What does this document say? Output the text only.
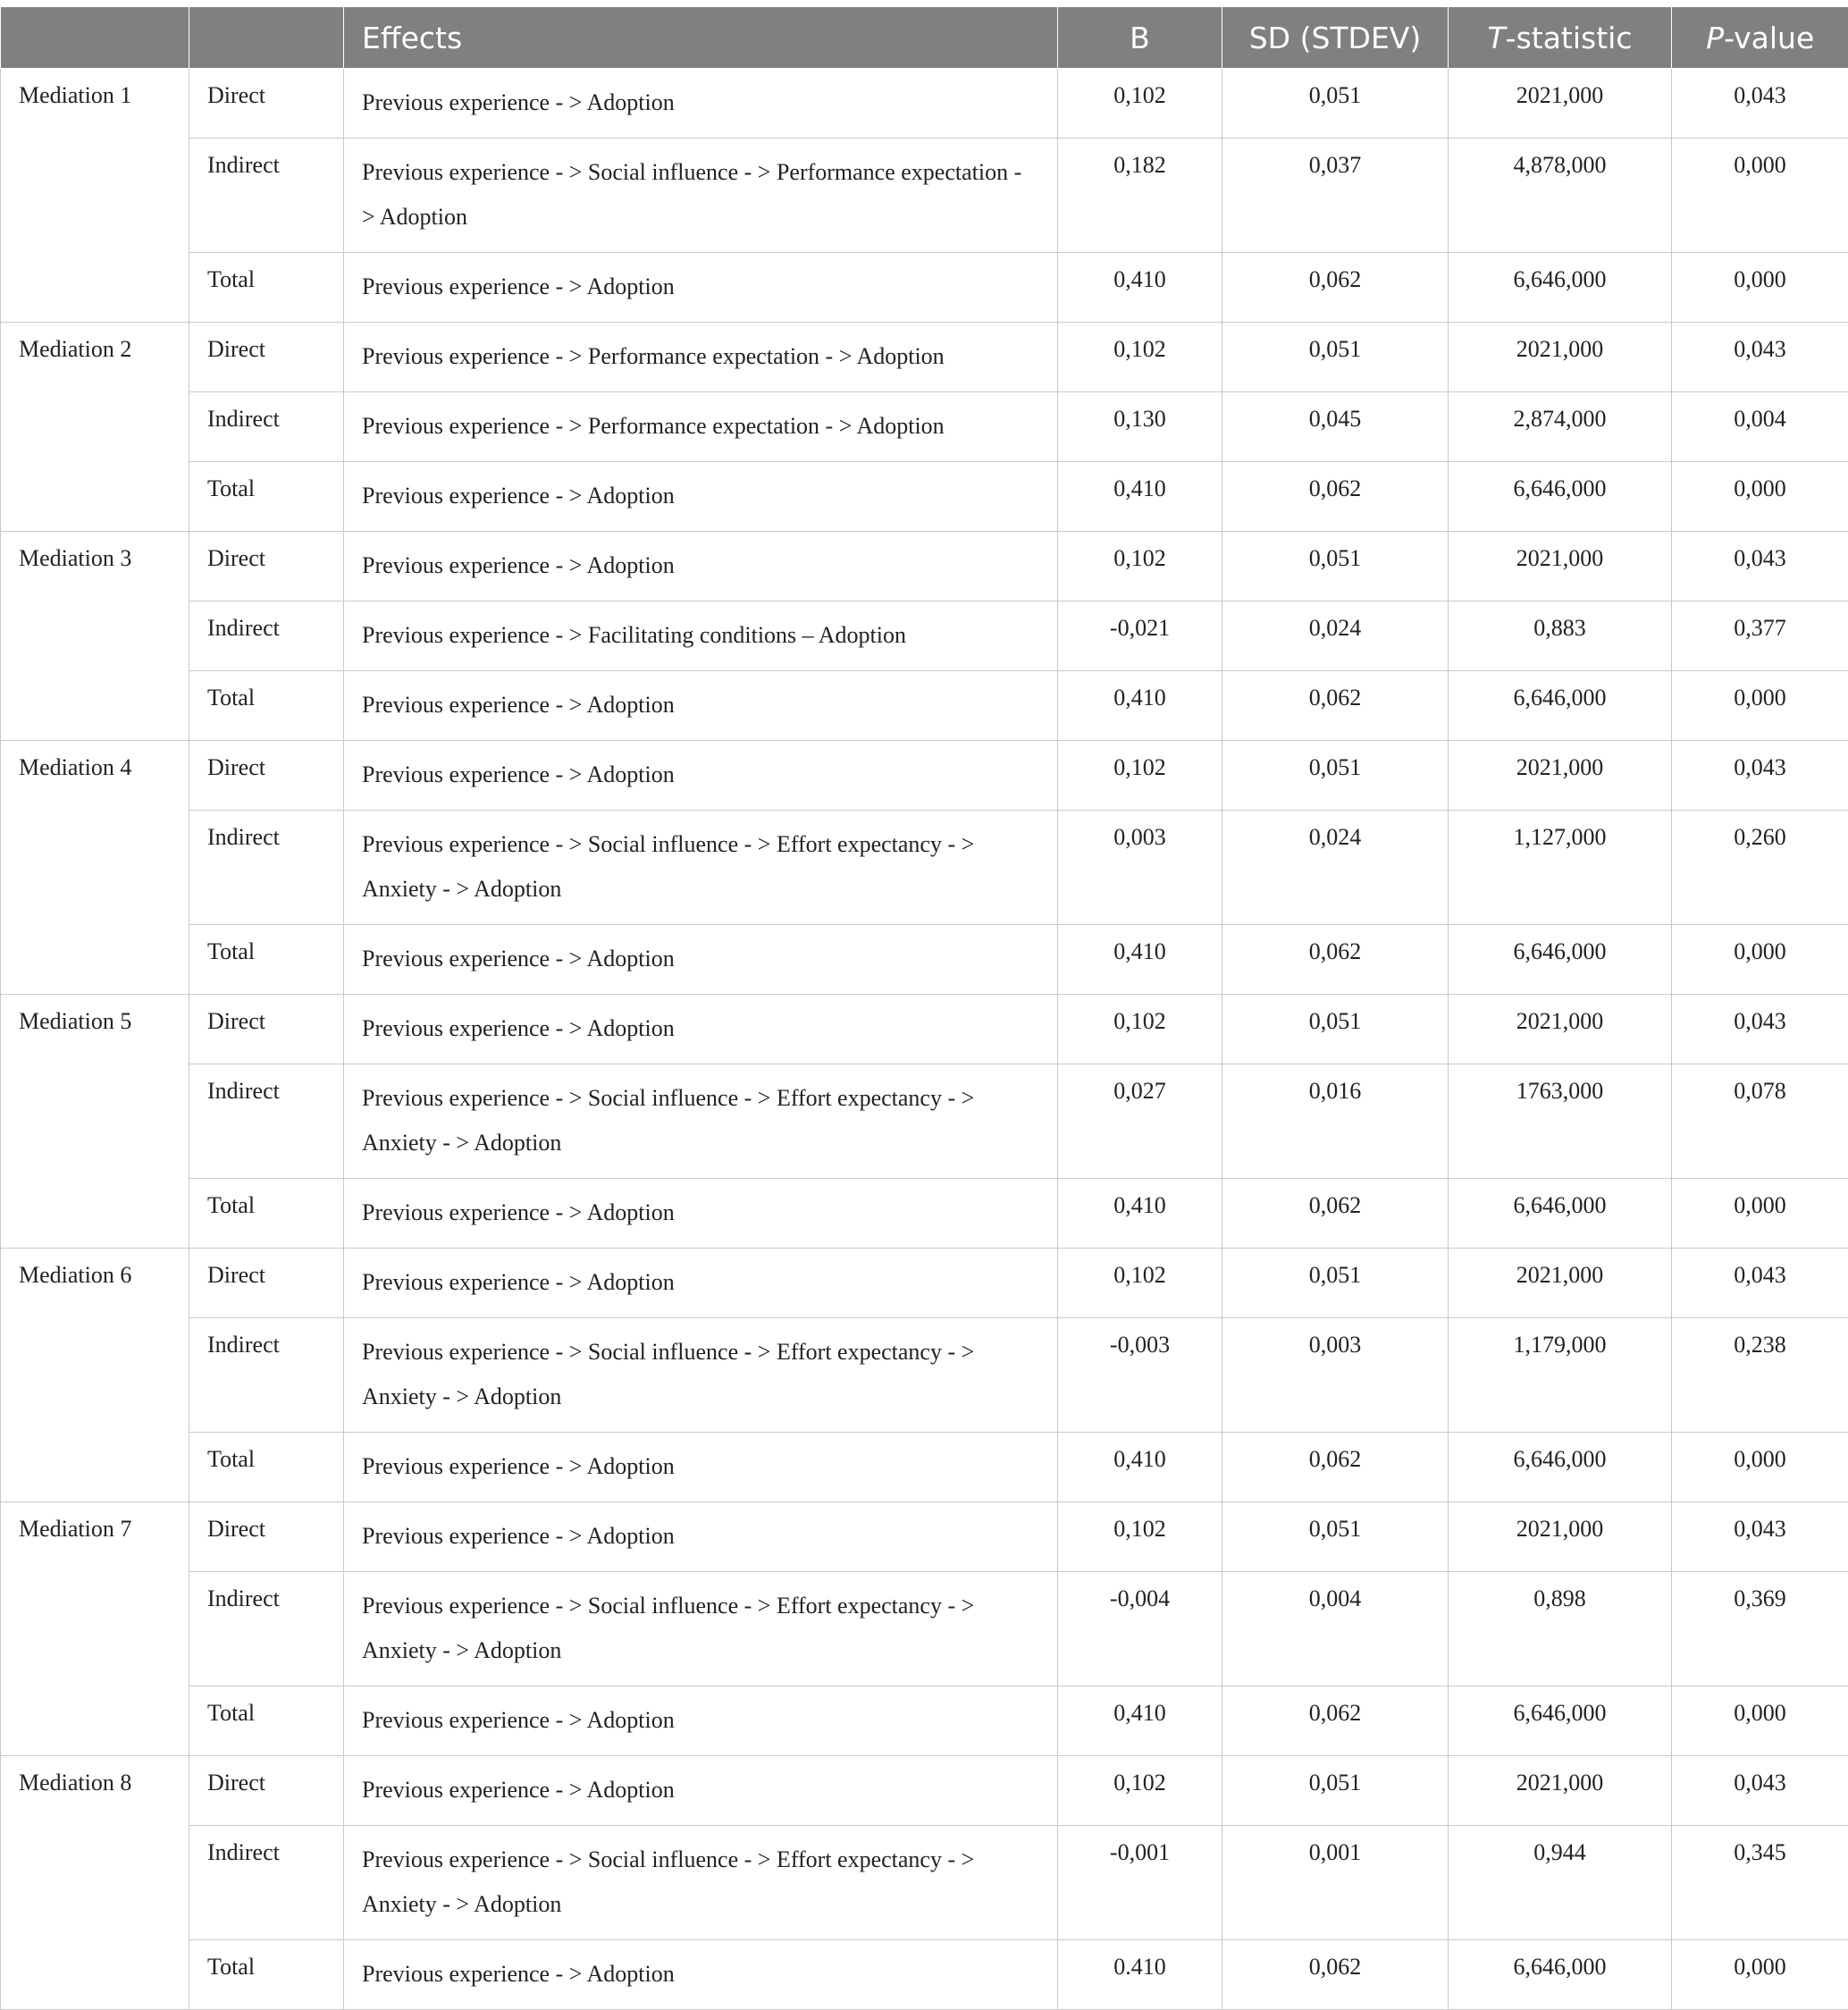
		Effects	B	SD (STDEV)	T-statistic	P-value
Mediation 1	Direct	Previous experience - > Adoption	0,102	0,051	2021,000	0,043
	Indirect	Previous experience - > Social influence - > Performance expectation - > Adoption	0,182	0,037	4,878,000	0,000
	Total	Previous experience - > Adoption	0,410	0,062	6,646,000	0,000
Mediation 2	Direct	Previous experience - > Performance expectation - > Adoption	0,102	0,051	2021,000	0,043
	Indirect	Previous experience - > Performance expectation - > Adoption	0,130	0,045	2,874,000	0,004
	Total	Previous experience - > Adoption	0,410	0,062	6,646,000	0,000
Mediation 3	Direct	Previous experience - > Adoption	0,102	0,051	2021,000	0,043
	Indirect	Previous experience - > Facilitating conditions – Adoption	-0,021	0,024	0,883	0,377
	Total	Previous experience - > Adoption	0,410	0,062	6,646,000	0,000
Mediation 4	Direct	Previous experience - > Adoption	0,102	0,051	2021,000	0,043
	Indirect	Previous experience - > Social influence - > Effort expectancy - > Anxiety - > Adoption	0,003	0,024	1,127,000	0,260
	Total	Previous experience - > Adoption	0,410	0,062	6,646,000	0,000
Mediation 5	Direct	Previous experience - > Adoption	0,102	0,051	2021,000	0,043
	Indirect	Previous experience - > Social influence - > Effort expectancy - > Anxiety - > Adoption	0,027	0,016	1763,000	0,078
	Total	Previous experience - > Adoption	0,410	0,062	6,646,000	0,000
Mediation 6	Direct	Previous experience - > Adoption	0,102	0,051	2021,000	0,043
	Indirect	Previous experience - > Social influence - > Effort expectancy - > Anxiety - > Adoption	-0,003	0,003	1,179,000	0,238
	Total	Previous experience - > Adoption	0,410	0,062	6,646,000	0,000
Mediation 7	Direct	Previous experience - > Adoption	0,102	0,051	2021,000	0,043
	Indirect	Previous experience - > Social influence - > Effort expectancy - > Anxiety - > Adoption	-0,004	0,004	0,898	0,369
	Total	Previous experience - > Adoption	0,410	0,062	6,646,000	0,000
Mediation 8	Direct	Previous experience - > Adoption	0,102	0,051	2021,000	0,043
	Indirect	Previous experience - > Social influence - > Effort expectancy - > Anxiety - > Adoption	-0,001	0,001	0,944	0,345
	Total	Previous experience - > Adoption	0.410	0,062	6,646,000	0,000
